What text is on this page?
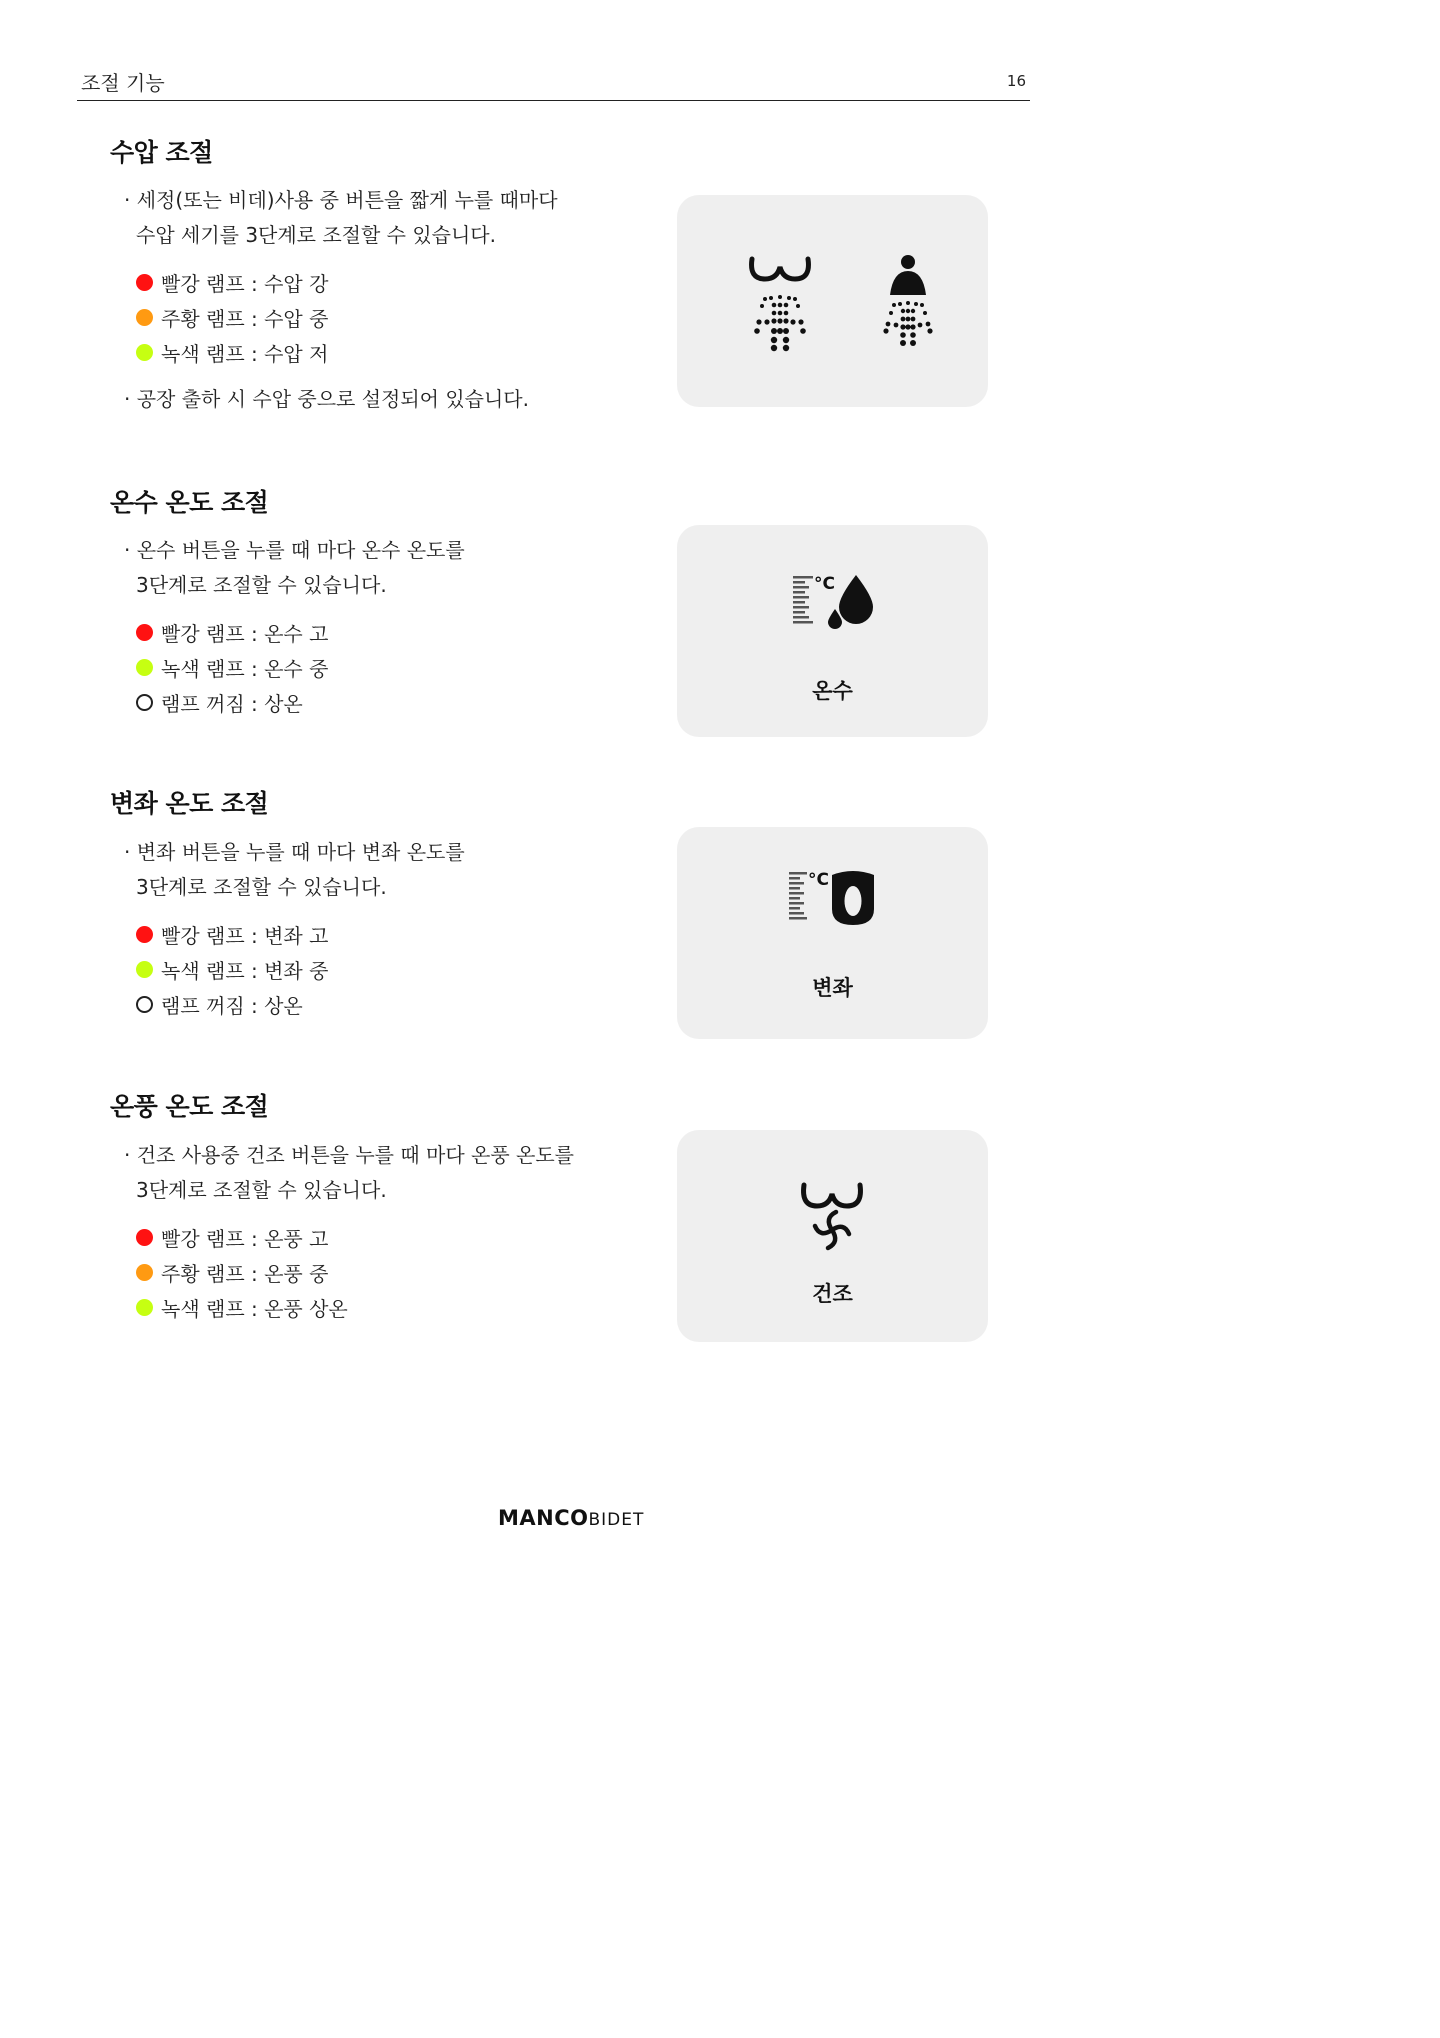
조절 기능	16
수압 조절
· 세정(또는 비데)사용 중 버튼을 짧게 누를 때마다
수압 세기를 3단계로 조절할 수 있습니다.
빨강 램프 : 수압 강
주황 램프 : 수압 중
녹색 램프 : 수압 저
· 공장 출하 시 수압 중으로 설정되어 있습니다.
온수 온도 조절
· 온수 버튼을 누를 때 마다 온수 온도를
3단계로 조절할 수 있습니다.
빨강 램프 : 온수 고
녹색 램프 : 온수 중
램프 꺼짐 : 상온
°C
온수
변좌 온도 조절
· 변좌 버튼을 누를 때 마다 변좌 온도를
3단계로 조절할 수 있습니다.
빨강 램프 : 변좌 고
녹색 램프 : 변좌 중
램프 꺼짐 : 상온
°C
변좌
온풍 온도 조절
· 건조 사용중 건조 버튼을 누를 때 마다 온풍 온도를
3단계로 조절할 수 있습니다.
빨강 램프 : 온풍 고
주황 램프 : 온풍 중
녹색 램프 : 온풍 상온
건조
MANCOBIDET
